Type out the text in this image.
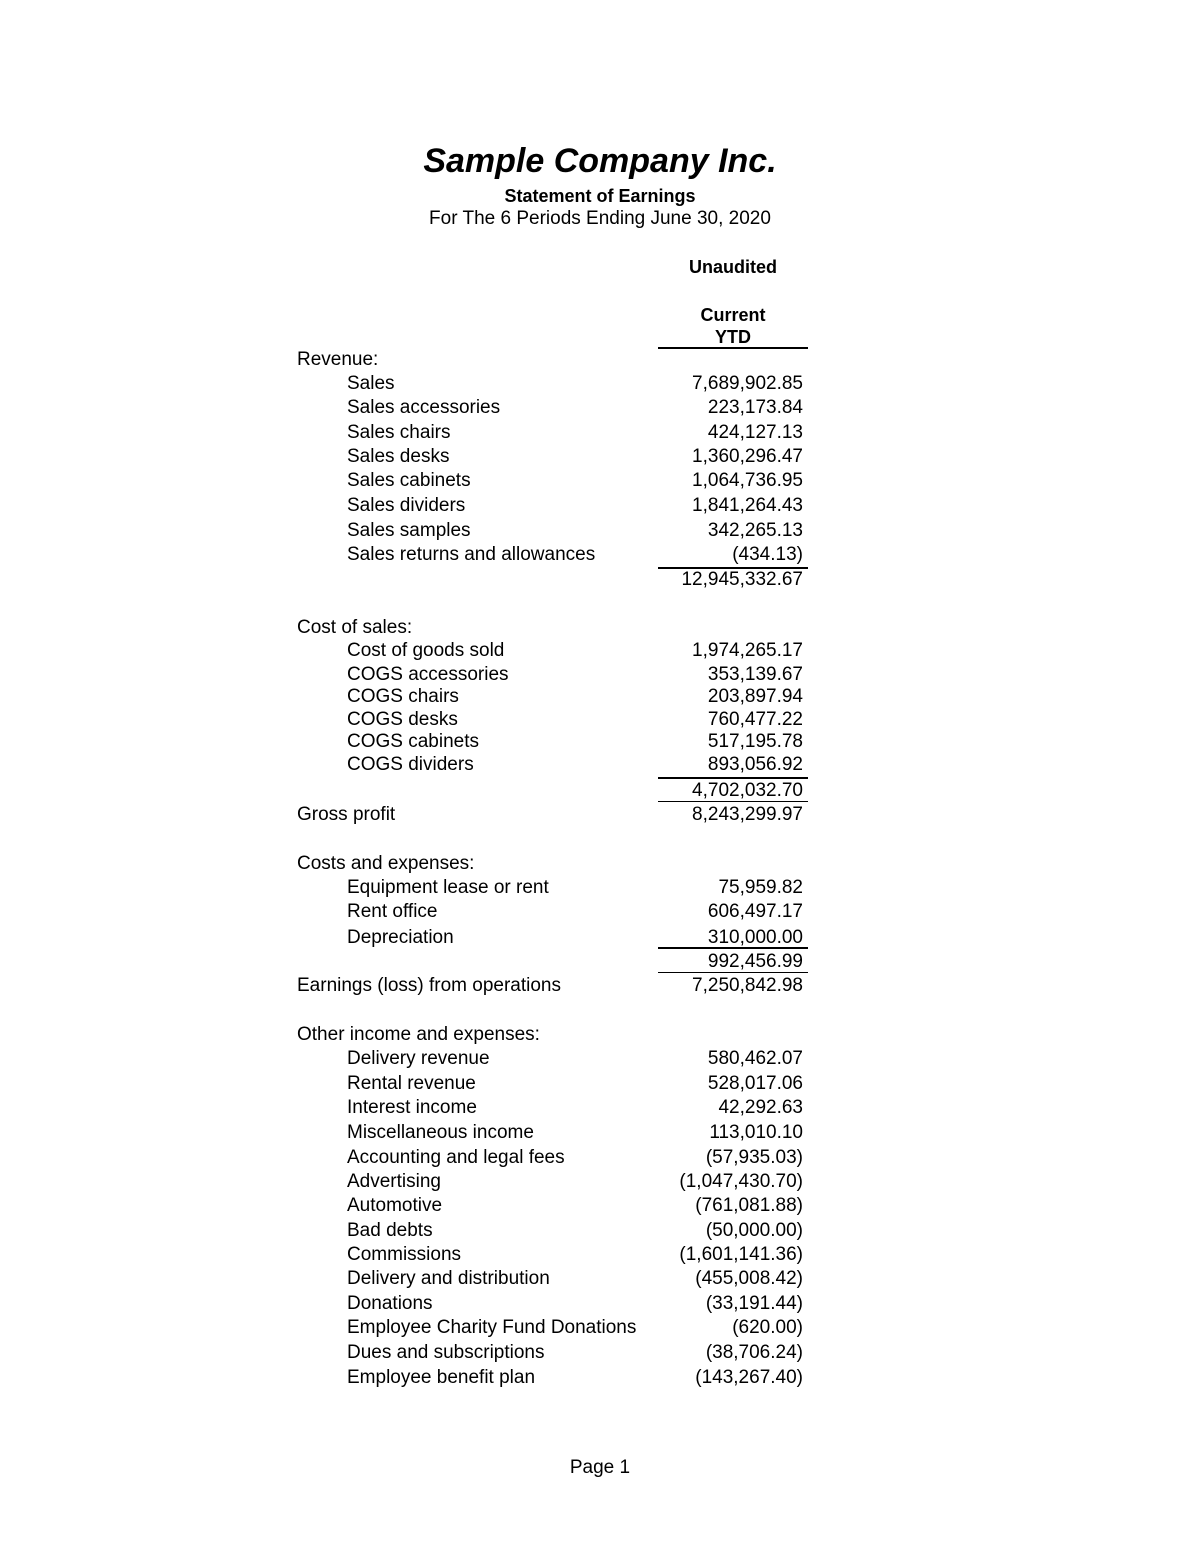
Sample Company Inc.
Statement of Earnings
For The 6 Periods Ending June 30, 2020
Unaudited
Current
YTD
Revenue:
Sales	7,689,902.85
Sales accessories	223,173.84
Sales chairs	424,127.13
Sales desks	1,360,296.47
Sales cabinets	1,064,736.95
Sales dividers	1,841,264.43
Sales samples	342,265.13
Sales returns and allowances	(434.13)
12,945,332.67
Cost of sales:
Cost of goods sold	1,974,265.17
COGS accessories	353,139.67
COGS chairs	203,897.94
COGS desks	760,477.22
COGS cabinets	517,195.78
COGS dividers	893,056.92
4,702,032.70
Gross profit	8,243,299.97
Costs and expenses:
Equipment lease or rent	75,959.82
Rent office	606,497.17
Depreciation	310,000.00
992,456.99
Earnings (loss) from operations	7,250,842.98
Other income and expenses:
Delivery revenue	580,462.07
Rental revenue	528,017.06
Interest income	42,292.63
Miscellaneous income	113,010.10
Accounting and legal fees	(57,935.03)
Advertising	(1,047,430.70)
Automotive	(761,081.88)
Bad debts	(50,000.00)
Commissions	(1,601,141.36)
Delivery and distribution	(455,008.42)
Donations	(33,191.44)
Employee Charity Fund Donations	(620.00)
Dues and subscriptions	(38,706.24)
Employee benefit plan	(143,267.40)
Page 1
